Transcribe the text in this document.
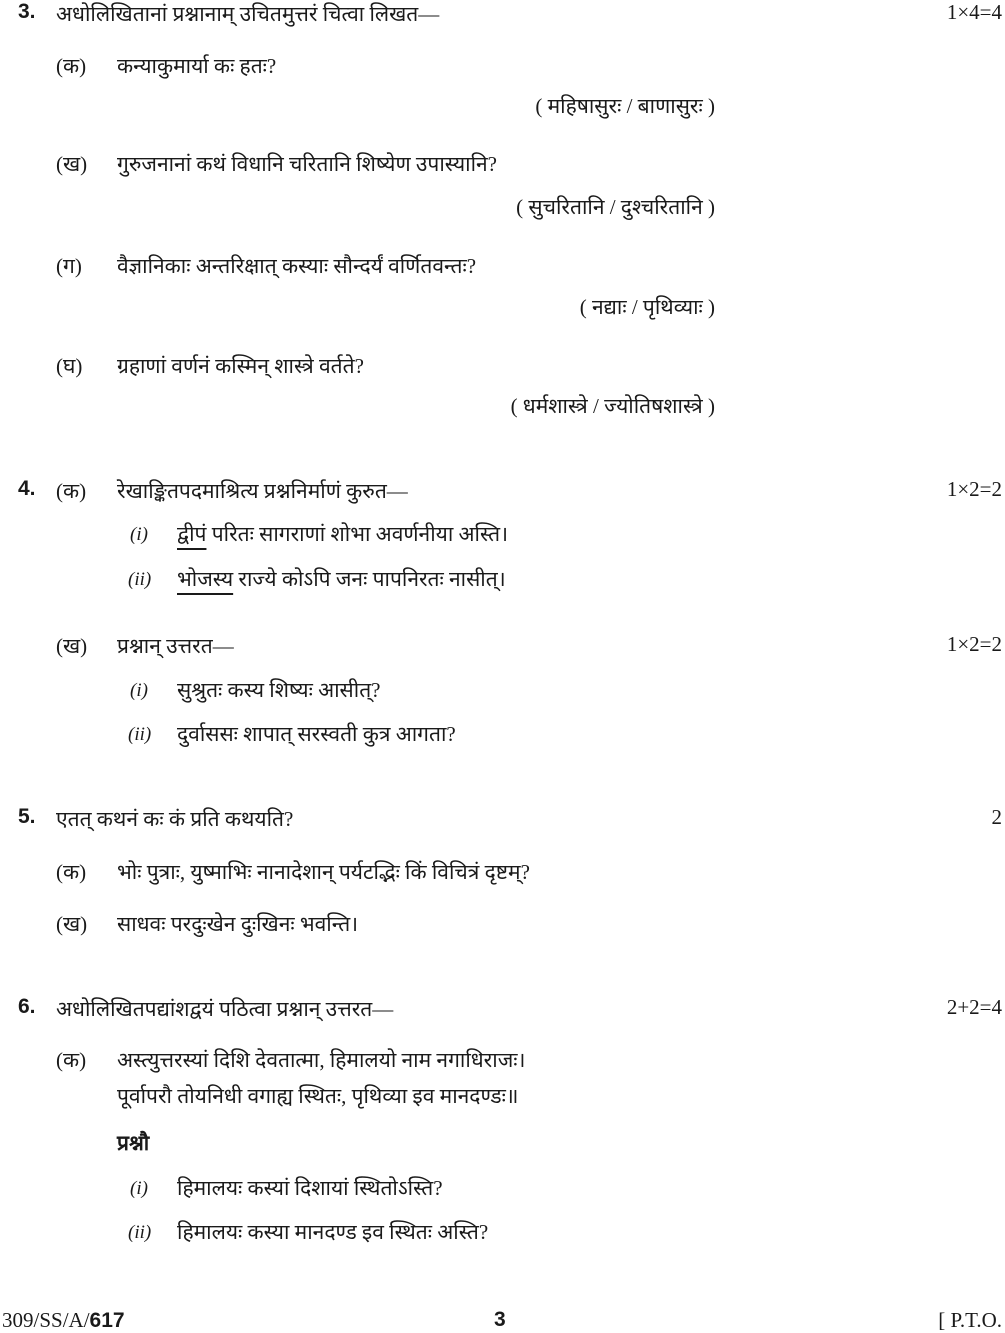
3. अधोलिखितानां प्रश्नानाम् उचितमुत्तरं चित्वा लिखत—	1×4=4
(क) कन्याकुमार्या कः हतः?
( महिषासुरः / बाणासुरः )
(ख) गुरुजनानां कथं विधानि चरितानि शिष्येण उपास्यानि?
( सुचरितानि / दुश्चरितानि )
(ग) वैज्ञानिकाः अन्तरिक्षात् कस्याः सौन्दर्यं वर्णितवन्तः?
( नद्याः / पृथिव्याः )
(घ) ग्रहाणां वर्णनं कस्मिन् शास्त्रे वर्तते?
( धर्मशास्त्रे / ज्योतिषशास्त्रे )
4. (क) रेखाङ्कितपदमाश्रित्य प्रश्ननिर्माणं कुरुत—	1×2=2
(i) द्वीपं परितः सागराणां शोभा अवर्णनीया अस्ति।
(ii) भोजस्य राज्ये कोऽपि जनः पापनिरतः नासीत्।
(ख) प्रश्नान् उत्तरत—	1×2=2
(i) सुश्रुतः कस्य शिष्यः आसीत्?
(ii) दुर्वाससः शापात् सरस्वती कुत्र आगता?
5. एतत् कथनं कः कं प्रति कथयति?	2
(क) भोः पुत्राः, युष्माभिः नानादेशान् पर्यटद्भिः किं विचित्रं दृष्टम्?
(ख) साधवः परदुःखेन दुःखिनः भवन्ति।
6. अधोलिखितपद्यांशद्वयं पठित्वा प्रश्नान् उत्तरत—	2+2=4
(क) अस्त्युत्तरस्यां दिशि देवतात्मा, हिमालयो नाम नगाधिराजः।
पूर्वापरौ तोयनिधी वगाह्य स्थितः, पृथिव्या इव मानदण्डः॥
प्रश्नौ
(i) हिमालयः कस्यां दिशायां स्थितोऽस्ति?
(ii) हिमालयः कस्या मानदण्ड इव स्थितः अस्ति?
309/SS/A/617	3	[ P.T.O.
